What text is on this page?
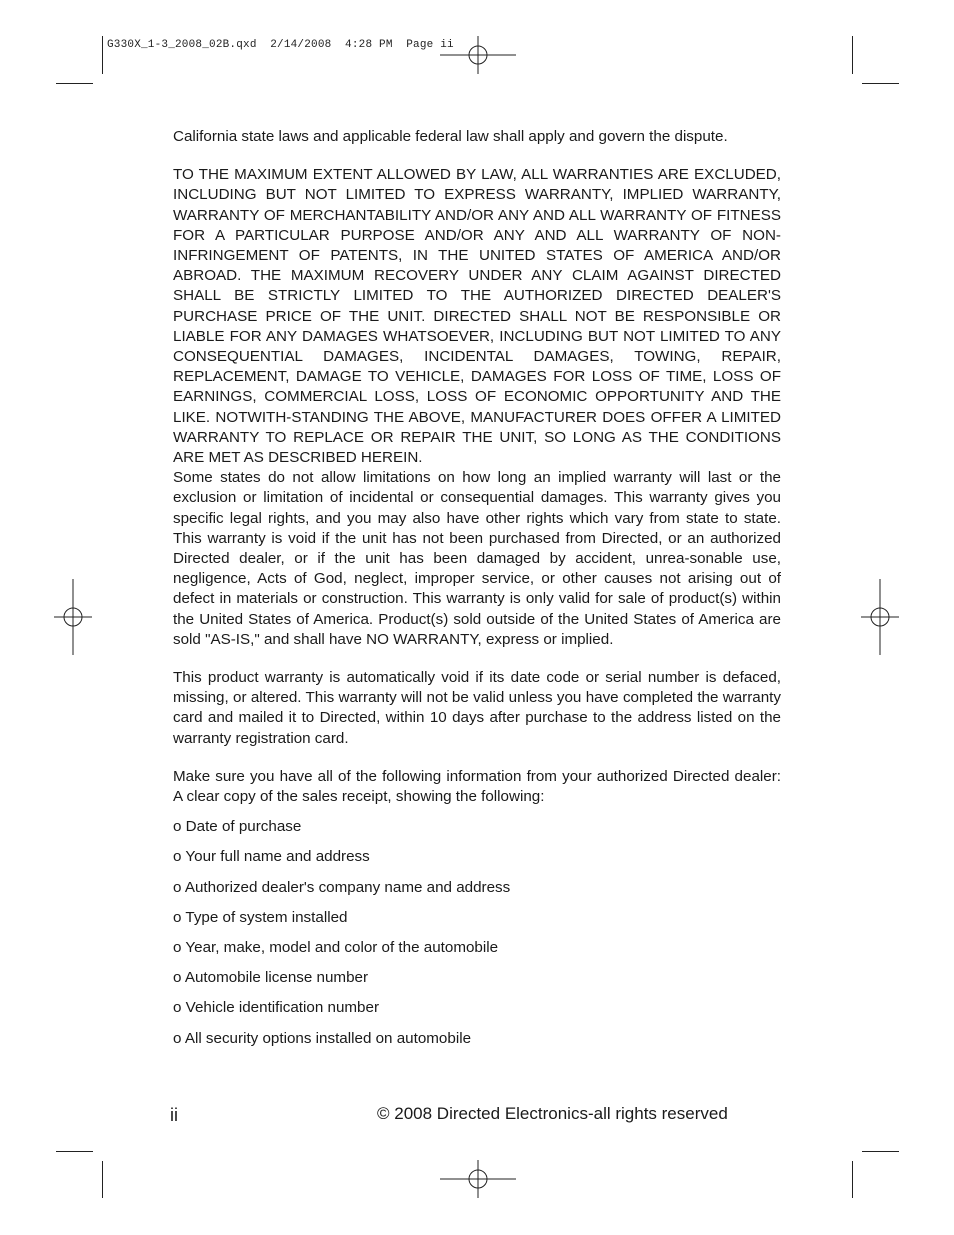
G330X_1-3_2008_02B.qxd  2/14/2008  4:28 PM  Page ii

California state laws and applicable federal law shall apply and govern the dispute.

TO THE MAXIMUM EXTENT ALLOWED BY LAW, ALL WARRANTIES ARE EXCLUDED, INCLUDING BUT NOT LIMITED TO EXPRESS WARRANTY, IMPLIED WARRANTY, WARRANTY OF MERCHANTABILITY AND/OR ANY AND ALL WARRANTY OF FITNESS FOR A PARTICULAR PURPOSE AND/OR ANY AND ALL WARRANTY OF NON-INFRINGEMENT OF PATENTS, IN THE UNITED STATES OF AMERICA AND/OR ABROAD. THE MAXIMUM RECOVERY UNDER ANY CLAIM AGAINST DIRECTED SHALL BE STRICTLY LIMITED TO THE AUTHORIZED DIRECTED DEALER'S PURCHASE PRICE OF THE UNIT. DIRECTED SHALL NOT BE RESPONSIBLE OR LIABLE FOR ANY DAMAGES WHATSOEVER, INCLUDING BUT NOT LIMITED TO ANY CONSEQUENTIAL DAMAGES, INCIDENTAL DAMAGES, TOWING, REPAIR, REPLACEMENT, DAMAGE TO VEHICLE, DAMAGES FOR LOSS OF TIME, LOSS OF EARNINGS, COMMERCIAL LOSS, LOSS OF ECONOMIC OPPORTUNITY AND THE LIKE. NOTWITH-STANDING THE ABOVE, MANUFACTURER DOES OFFER A LIMITED WARRANTY TO REPLACE OR REPAIR THE UNIT, SO LONG AS THE CONDITIONS ARE MET AS DESCRIBED HEREIN.

Some states do not allow limitations on how long an implied warranty will last or the exclusion or limitation of incidental or consequential damages. This warranty gives you specific legal rights, and you may also have other rights which vary from state to state. This warranty is void if the unit has not been purchased from Directed, or an authorized Directed dealer, or if the unit has been damaged by accident, unrea-sonable use, negligence, Acts of God, neglect, improper service, or other causes not arising out of defect in materials or construction. This warranty is only valid for sale of product(s) within the United States of America. Product(s) sold outside of the United States of America are sold "AS-IS," and shall have NO WARRANTY, express or implied.

This product warranty is automatically void if its date code or serial number is defaced, missing, or altered. This warranty will not be valid unless you have completed the warranty card and mailed it to Directed, within 10 days after purchase to the address listed on the warranty registration card.

Make sure you have all of the following information from your authorized Directed dealer: A clear copy of the sales receipt, showing the following:

o Date of purchase
o Your full name and address
o Authorized dealer's company name and address
o Type of system installed
o Year, make, model and color of the automobile
o Automobile license number
o Vehicle identification number
o All security options installed on automobile
ii	© 2008 Directed Electronics-all rights reserved
